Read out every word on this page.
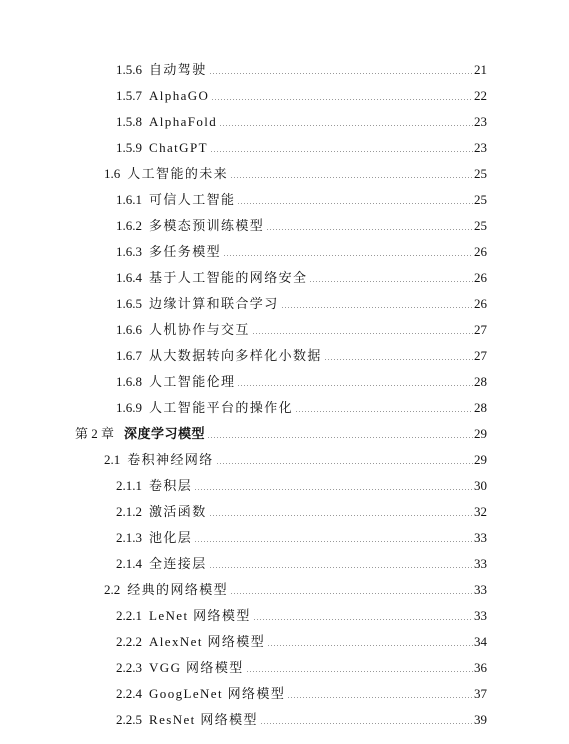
1.5.6 自动驾驶	21
1.5.7 AlphaGO	22
1.5.8 AlphaFold	23
1.5.9 ChatGPT	23
1.6 人工智能的未来	25
1.6.1 可信人工智能	25
1.6.2 多模态预训练模型	25
1.6.3 多任务模型	26
1.6.4 基于人工智能的网络安全	26
1.6.5 边缘计算和联合学习	26
1.6.6 人机协作与交互	27
1.6.7 从大数据转向多样化小数据	27
1.6.8 人工智能伦理	28
1.6.9 人工智能平台的操作化	28
第 2 章 深度学习模型	29
2.1 卷积神经网络	29
2.1.1 卷积层	30
2.1.2 激活函数	32
2.1.3 池化层	33
2.1.4 全连接层	33
2.2 经典的网络模型	33
2.2.1 LeNet 网络模型	33
2.2.2 AlexNet 网络模型	34
2.2.3 VGG 网络模型	36
2.2.4 GoogLeNet 网络模型	37
2.2.5 ResNet 网络模型	39
